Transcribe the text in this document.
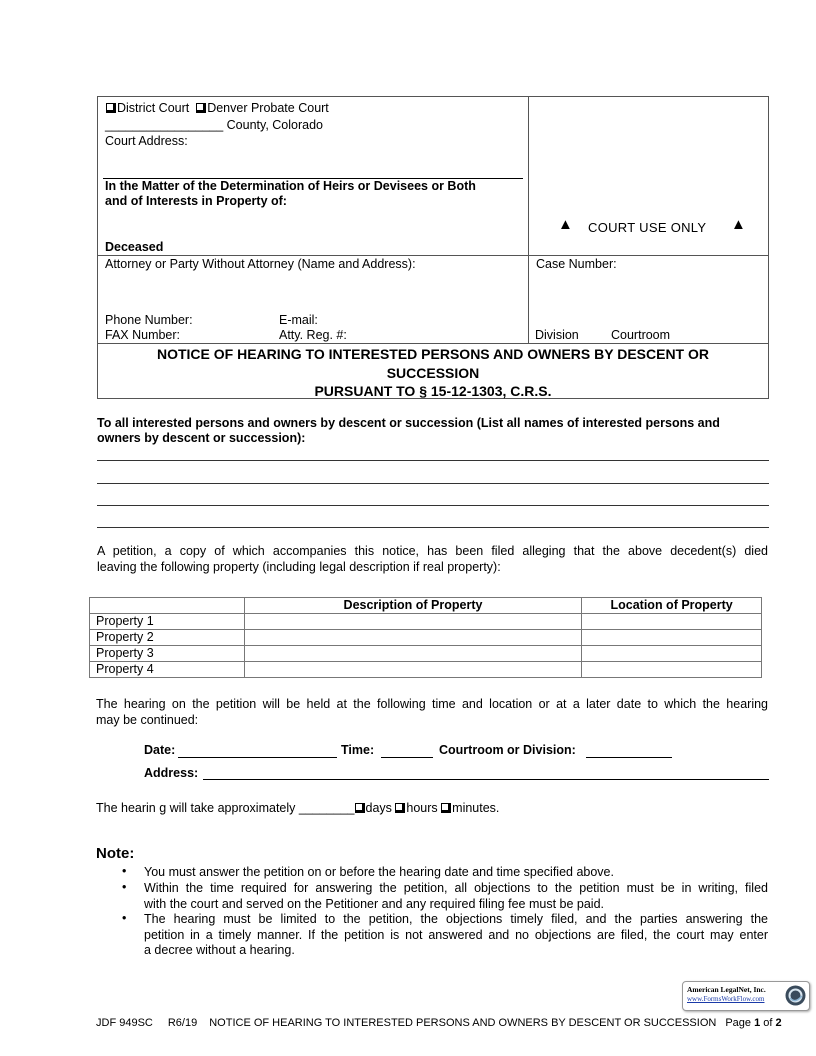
District Court Denver Probate Court
_________________ County, Colorado
Court Address:
In the Matter of the Determination of Heirs or Devisees or Both
and of Interests in Property of:
Deceased
▲ COURT USE ONLY ▲
Attorney or Party Without Attorney (Name and Address):
Phone Number:	E-mail:
FAX Number:	Atty. Reg. #:
Case Number:
Division	Courtroom
NOTICE OF HEARING TO INTERESTED PERSONS AND OWNERS BY DESCENT OR
SUCCESSION
PURSUANT TO § 15-12-1303, C.R.S.
To all interested persons and owners by descent or succession (List all names of interested persons and
owners by descent or succession):
A petition, a copy of which accompanies this notice, has been filed alleging that the above decedent(s) died
leaving the following property (including legal description if real property):
	Description of Property	Location of Property
Property 1		
Property 2		
Property 3		
Property 4		
The hearing on the petition will be held at the following time and location or at a later date to which the hearing
may be continued:
Date:	Time:	Courtroom or Division:
Address:
The hearin g will take approximately ________ days hours minutes.
Note:
• You must answer the petition on or before the hearing date and time specified above.
• Within the time required for answering the petition, all objections to the petition must be in writing, filed
with the court and served on the Petitioner and any required filing fee must be paid.
• The hearing must be limited to the petition, the objections timely filed, and the parties answering the
petition in a timely manner. If the petition is not answered and no objections are filed, the court may enter
a decree without a hearing.
American LegalNet, Inc.
www.FormsWorkFlow.com
JDF 949SC R6/19 NOTICE OF HEARING TO INTERESTED PERSONS AND OWNERS BY DESCENT OR SUCCESSION Page 1 of 2
